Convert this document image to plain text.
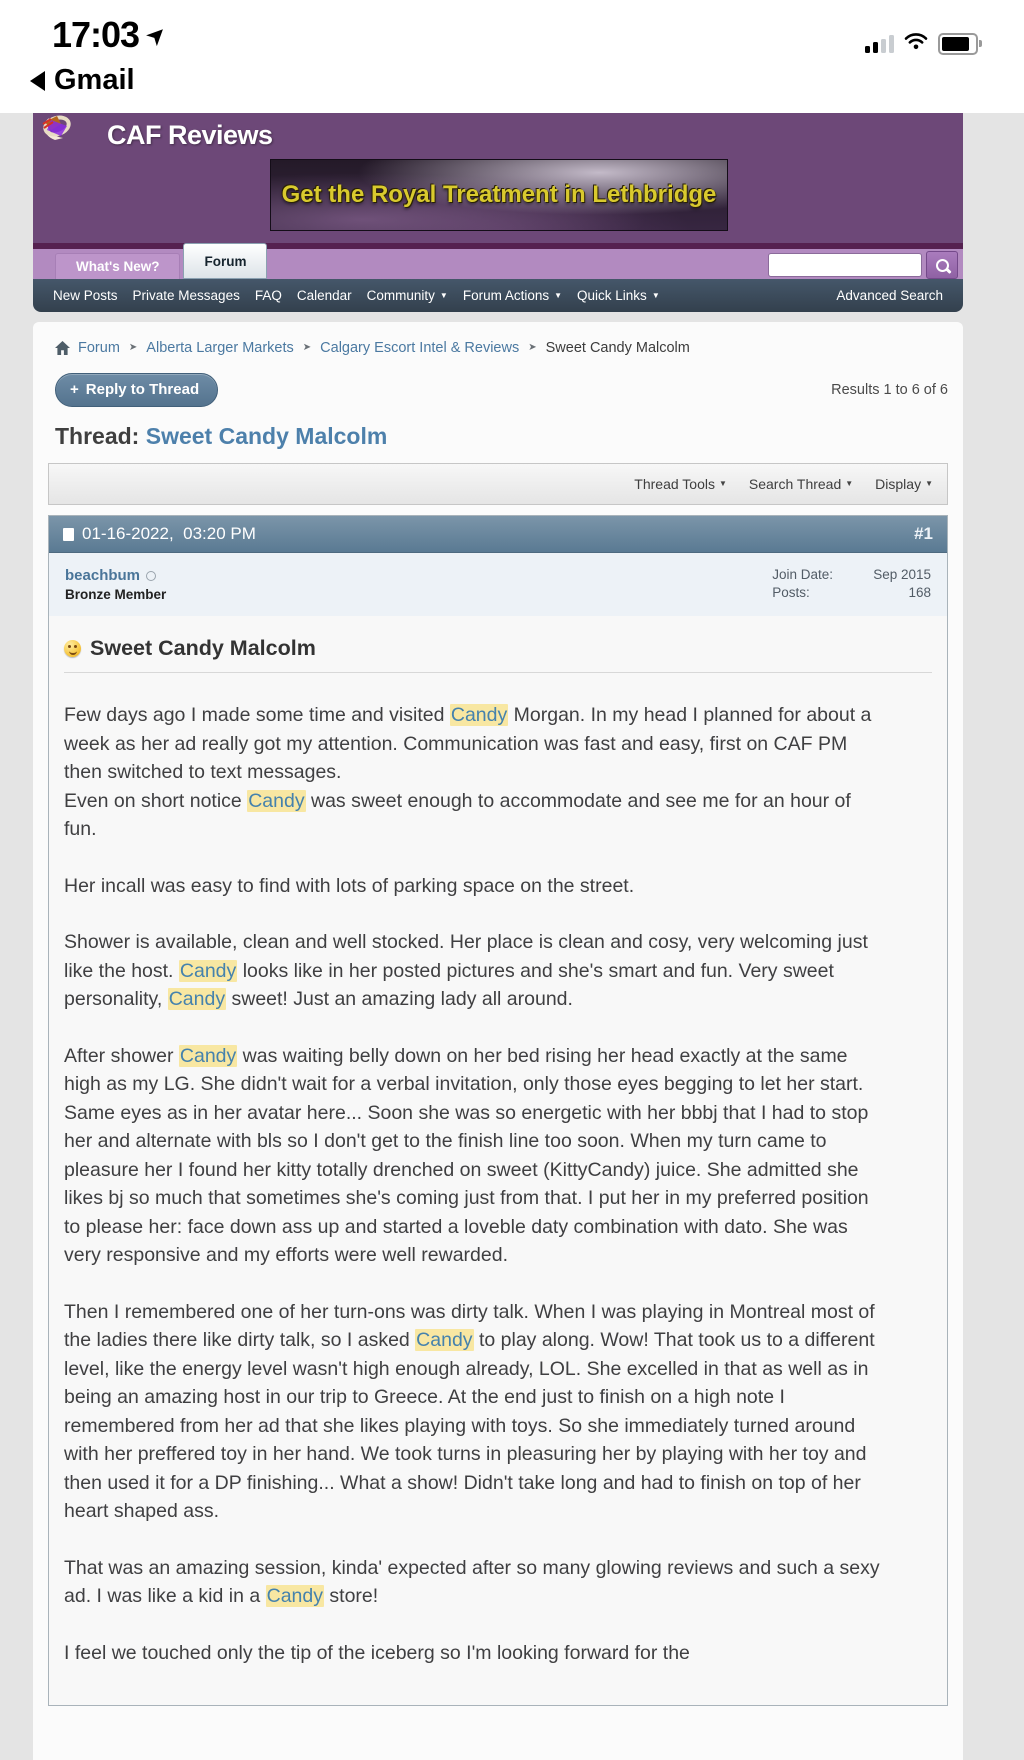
17:03 ➤
Gmail
CAF Reviews
Get the Royal Treatment in Lethbridge
What's New?	Forum
New Posts Private Messages FAQ Calendar Community ▼ Forum Actions ▼ Quick Links ▼	Advanced Search
Forum ➤ Alberta Larger Markets ➤ Calgary Escort Intel & Reviews ➤ Sweet Candy Malcolm
+ Reply to Thread	Results 1 to 6 of 6
Thread: Sweet Candy Malcolm
Thread Tools ▼ Search Thread ▼ Display ▼
01-16-2022,  03:20 PM	#1
beachbum
Bronze Member
Join Date:	Sep 2015
Posts:	168
Sweet Candy Malcolm

Few days ago I made some time and visited Candy Morgan. In my head I planned for about a week as her ad really got my attention. Communication was fast and easy, first on CAF PM then switched to text messages.
Even on short notice Candy was sweet enough to accommodate and see me for an hour of fun.

Her incall was easy to find with lots of parking space on the street.

Shower is available, clean and well stocked. Her place is clean and cosy, very welcoming just like the host. Candy looks like in her posted pictures and she's smart and fun. Very sweet personality, Candy sweet! Just an amazing lady all around.

After shower Candy was waiting belly down on her bed rising her head exactly at the same high as my LG. She didn't wait for a verbal invitation, only those eyes begging to let her start. Same eyes as in her avatar here... Soon she was so energetic with her bbbj that I had to stop her and alternate with bls so I don't get to the finish line too soon. When my turn came to pleasure her I found her kitty totally drenched on sweet (KittyCandy) juice. She admitted she likes bj so much that sometimes she's coming just from that. I put her in my preferred position to please her: face down ass up and started a loveble daty combination with dato. She was very responsive and my efforts were well rewarded.

Then I remembered one of her turn-ons was dirty talk. When I was playing in Montreal most of the ladies there like dirty talk, so I asked Candy to play along. Wow! That took us to a different level, like the energy level wasn't high enough already, LOL. She excelled in that as well as in being an amazing host in our trip to Greece. At the end just to finish on a high note I remembered from her ad that she likes playing with toys. So she immediately turned around with her preffered toy in her hand. We took turns in pleasuring her by playing with her toy and then used it for a DP finishing... What a show! Didn't take long and had to finish on top of her heart shaped ass.

That was an amazing session, kinda' expected after so many glowing reviews and such a sexy ad. I was like a kid in a Candy store!

I feel we touched only the tip of the iceberg so I'm looking forward for the
